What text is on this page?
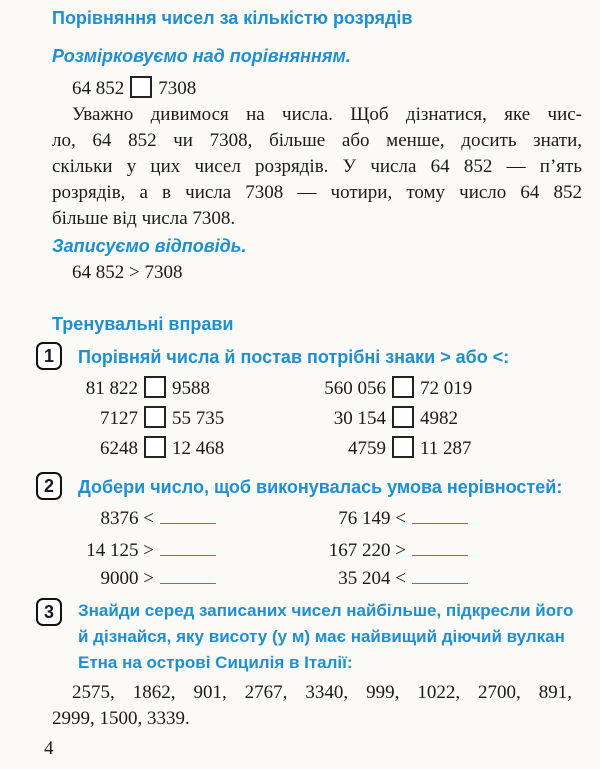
Порівняння чисел за кількістю розрядів
Розмірковуємо над порівнянням.
64 852 7308
Уважно дивимося на числа. Щоб дізнатися, яке чис-
ло, 64 852 чи 7308, більше або менше, досить знати,
скільки у цих чисел розрядів. У числа 64 852 — п’ять
розрядів, а в числа 7308 — чотири, тому число 64 852
більше від числа 7308.
Записуємо відповідь.
64 852 > 7308
Тренувальні вправи
1	Порівняй числа й постав потрібні знаки > або <:
81 822 9588	560 056 72 019
7127 55 735	30 154 4982
6248 12 468	4759 11 287
2	Добери число, щоб виконувалась умова нерівностей:
8376 <	76 149 <
14 125 >	167 220 >
9000 >	35 204 <
3	Знайди серед записаних чисел найбільше, підкресли його
й дізнайся, яку висоту (у м) має найвищий діючий вулкан
Етна на острові Сицилія в Італії:
2575, 1862, 901, 2767, 3340, 999, 1022, 2700, 891,
2999, 1500, 3339.
4
